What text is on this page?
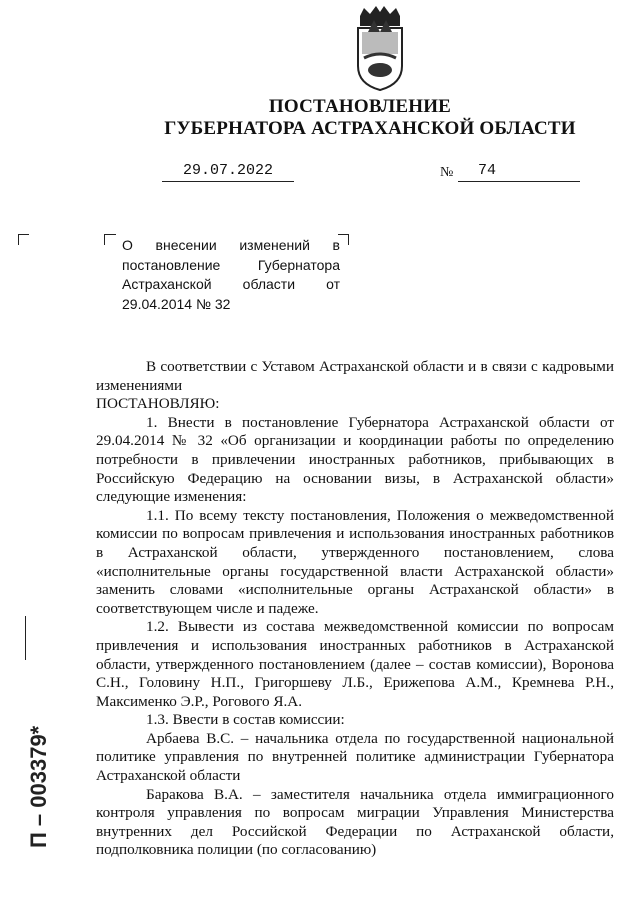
ПОСТАНОВЛЕНИЕ
ГУБЕРНАТОРА АСТРАХАНСКОЙ ОБЛАСТИ
29.07.2022	№	74
О внесении изменений в постановление Губернатора Астраханской области от 29.04.2014 № 32

В соответствии с Уставом Астраханской области и в связи с кадровыми изменениями

ПОСТАНОВЛЯЮ:

1. Внести в постановление Губернатора Астраханской области от 29.04.2014 № 32 «Об организации и координации работы по определению потребности в привлечении иностранных работников, прибывающих в Российскую Федерацию на основании визы, в Астраханской области» следующие изменения:

1.1. По всему тексту постановления, Положения о межведомственной комиссии по вопросам привлечения и использования иностранных работников в Астраханской области, утвержденного постановлением, слова «исполнительные органы государственной власти Астраханской области» заменить словами «исполнительные органы Астраханской области» в соответствующем числе и падеже.

1.2. Вывести из состава межведомственной комиссии по вопросам привлечения и использования иностранных работников в Астраханской области, утвержденного постановлением (далее – состав комиссии), Воронова С.Н., Головину Н.П., Григоршеву Л.Б., Ерижепова А.М., Кремнева Р.Н., Максименко Э.Р., Рогового Я.А.

1.3. Ввести в состав комиссии:

Арбаева В.С. – начальника отдела по государственной национальной политике управления по внутренней политике администрации Губернатора Астраханской области

Баракова В.А. – заместителя начальника отдела иммиграционного контроля управления по вопросам миграции Управления Министерства внутренних дел Российской Федерации по Астраханской области, подполковника полиции (по согласованию)

П – 003379*
